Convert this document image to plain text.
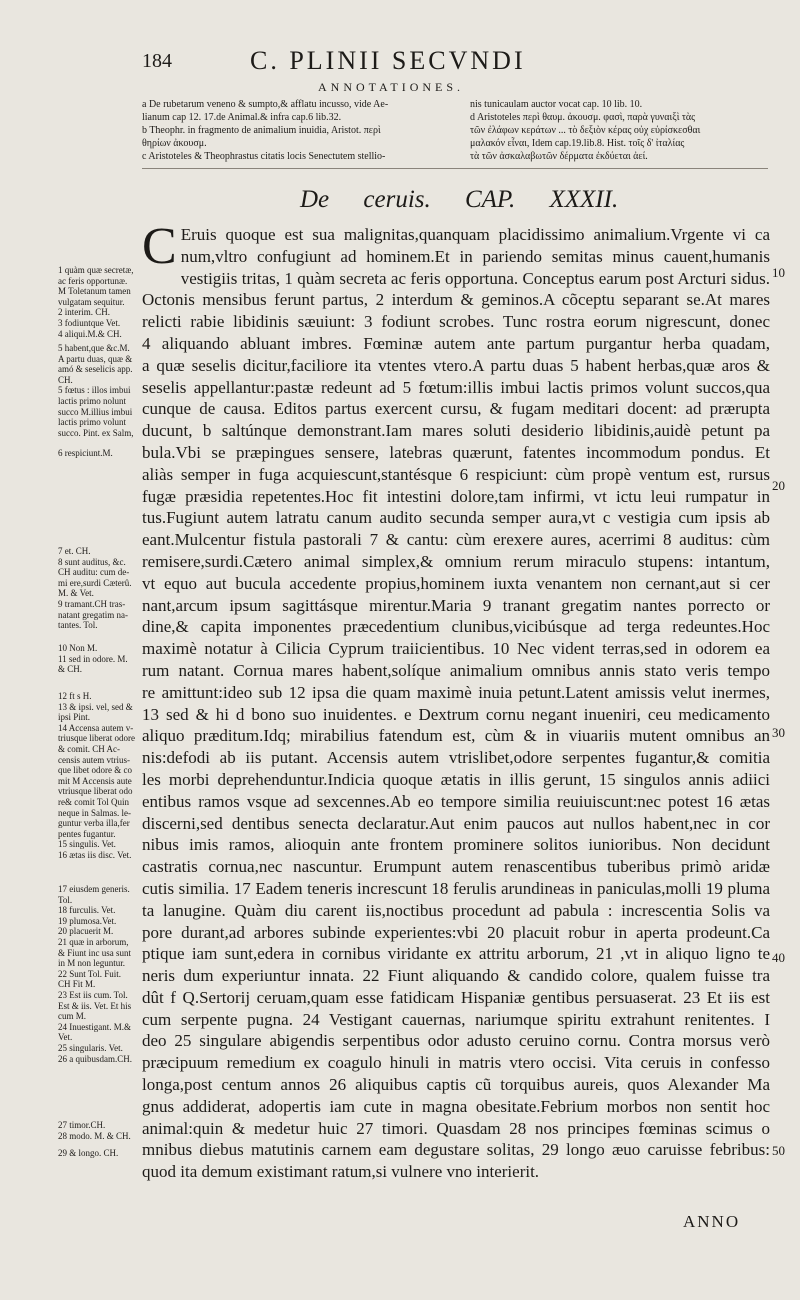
184	C. PLINII SECVNDI
ANNOTATIONES.
a De rubetarum veneno & sumpto,& afflatu incusso, vide Ae-
lianum cap 12. 17.de Animal.& infra cap.6 lib.32.
b Theophr. in fragmento de animalium inuidia, Aristot. περὶ
θηρίων ἀκουσμ.
c Aristoteles & Theophrastus citatis locis Senectutem stellio-
nis tunicaulam auctor vocat cap. 10 lib. 10.
d Aristoteles περὶ θαυμ. ἀκουσμ. φασὶ, παρὰ γυναιξὶ τὰς
τῶν ἐλάφων κεράτων ... τὸ δεξιὸν κέρας οὐχ εὑρίσκεσθαι
μαλακόν εἶναι, Idem cap.19.lib.8. Hist. τοῖς δ' ἰταλίας
τὰ τῶν ἀσκαλαβωτῶν δέρματα ἐκδύεται ἀεί.
De ceruis. CAP. XXXII.
C Eruis quoque est sua malignitas,quanquam placidissimo animalium.Vrgente vi ca
num,vltro confugiunt ad hominem.Et in pariendo semitas minus cauent,humanis
vestigiis tritas, 1 quàm secreta ac feris opportuna. Conceptus earum post Arcturi sidus.
Octonis mensibus ferunt partus, 2 interdum & geminos.A cõceptu separant se.At mares
relicti rabie libidinis sæuiunt: 3 fodiunt scrobes. Tunc rostra eorum nigrescunt, donec
4 aliquando abluant imbres. Fœminæ autem ante partum purgantur herba quadam,
a quæ seselis dicitur,faciliore ita vtentes vtero.A partu duas 5 habent herbas,quæ aros &
seselis appellantur:pastæ redeunt ad 5 fœtum:illis imbui lactis primos volunt succos,qua
cunque de causa. Editos partus exercent cursu, & fugam meditari docent: ad prærupta
ducunt, b saltúnque demonstrant.Iam mares soluti desiderio libidinis,auidè petunt pa
bula.Vbi se præpingues sensere, latebras quærunt, fatentes incommodum pondus. Et
aliàs semper in fuga acquiescunt,stantésque 6 respiciunt: cùm propè ventum est, rursus
fugæ præsidia repetentes.Hoc fit intestini dolore,tam infirmi, vt ictu leui rumpatur in
tus.Fugiunt autem latratu canum audito secunda semper aura,vt c vestigia cum ipsis ab
eant.Mulcentur fistula pastorali 7 & cantu: cùm erexere aures, acerrimi 8 auditus: cùm
remisere,surdi.Cætero animal simplex,& omnium rerum miraculo stupens: intantum,
vt equo aut bucula accedente propius,hominem iuxta venantem non cernant,aut si cer
nant,arcum ipsum sagittásque mirentur.Maria 9 tranant gregatim nantes porrecto or
dine,& capita imponentes præcedentium clunibus,vicibúsque ad terga redeuntes.Hoc
maximè notatur à Cilicia Cyprum traiicientibus. 10 Nec vident terras,sed in odorem ea
rum natant. Cornua mares habent,solíque animalium omnibus annis stato veris tempo
re amittunt:ideo sub 12 ipsa die quam maximè inuia petunt.Latent amissis velut inermes,
13 sed & hi d bono suo inuidentes. e Dextrum cornu negant inueniri, ceu medicamento
aliquo præditum.Idq; mirabilius fatendum est, cùm & in viuariis mutent omnibus an
nis:defodi ab iis putant. Accensis autem vtrislibet,odore serpentes fugantur,& comitia
les morbi deprehenduntur.Indicia quoque ætatis in illis gerunt, 15 singulos annis adiici
entibus ramos vsque ad sexcennes.Ab eo tempore similia reuiuiscunt:nec potest 16 ætas
discerni,sed dentibus senecta declaratur.Aut enim paucos aut nullos habent,nec in cor
nibus imis ramos, alioquin ante frontem prominere solitos iunioribus. Non decidunt
castratis cornua,nec nascuntur. Erumpunt autem renascentibus tuberibus primò aridæ
cutis similia. 17 Eadem teneris increscunt 18 ferulis arundineas in paniculas,molli 19 pluma
ta lanugine. Quàm diu carent iis,noctibus procedunt ad pabula : increscentia Solis va
pore durant,ad arbores subinde experientes:vbi 20 placuit robur in aperta prodeunt.Ca
ptique iam sunt,edera in cornibus viridante ex attritu arborum, 21 ,vt in aliquo ligno te
neris dum experiuntur innata. 22 Fiunt aliquando & candido colore, qualem fuisse tra
dût f Q.Sertorij ceruam,quam esse fatidicam Hispaniæ gentibus persuaserat. 23 Et iis est
cum serpente pugna. 24 Vestigant cauernas, nariumque spiritu extrahunt renitentes. I
deo 25 singulare abigendis serpentibus odor adusto ceruino cornu. Contra morsus verò
præcipuum remedium ex coagulo hinuli in matris vtero occisi. Vita ceruis in confesso
longa,post centum annos 26 aliquibus captis cũ torquibus aureis, quos Alexander Ma
gnus addiderat, adopertis iam cute in magna obesitate.Febrium morbos non sentit hoc
animal:quin & medetur huic 27 timori. Quasdam 28 nos principes fœminas scimus o
mnibus diebus matutinis carnem eam degustare solitas, 29 longo æuo caruisse febribus:
quod ita demum existimant ratum,si vulnere vno interierit.
1 quàm quæ secretæ,
ac feris opportunæ.
M Toletanum tamen
vulgatam sequitur.
2 interim. CH.
3 fodiuntque Vet.
4 aliqui.M.& CH.
5 habent,que &c.M.
A partu duas, quæ &
amó & seselicis app.
CH.
5 fœtus : illos imbui
lactis primo nolunt
succo M.illius imbui
lactis primo volunt
succo. Pint. ex Salm,
6 respiciunt.M.
7 et. CH.
8 sunt auditus, &c.
CH auditu: cum de-
mi ere,surdi Cæterû.
M. & Vet.
9 tramant.CH tras-
natant gregatim na-
tantes. Tol.
10 Non M.
11 sed in odore. M.
& CH.
12 ft s H.
13 & ipsi. vel, sed &
ipsi Pint.
14 Accensa autem v-
triusque liberat odore
& comit. CH Ac-
censis autem vtrius-
que libet odore & co
mit M Accensis aute
vtriusque liberat odo
re& comit Tol Quin
neque in Salmas. le-
guntur verba illa,fer
pentes fugantur.
15 singulis. Vet.
16 ætas iis disc. Vet.
17 eiusdem generis.
Tol.
18 furculis. Vet.
19 plumosa.Vet.
20 placuerit M.
21 quæ in arborum,
& Fiunt inc usa sunt
in M non leguntur.
22 Sunt Tol. Fuit.
CH Fit M.
23 Est iis cum. Tol.
Est & iis. Vet. Et his
cum M.
24 Inuestigant. M.&
Vet.
25 singularis. Vet.
26 a quibusdam.CH.
27 timor.CH.
28 modo. M. & CH.
29 & longo. CH.
10
20
30
40
50
ANNO
